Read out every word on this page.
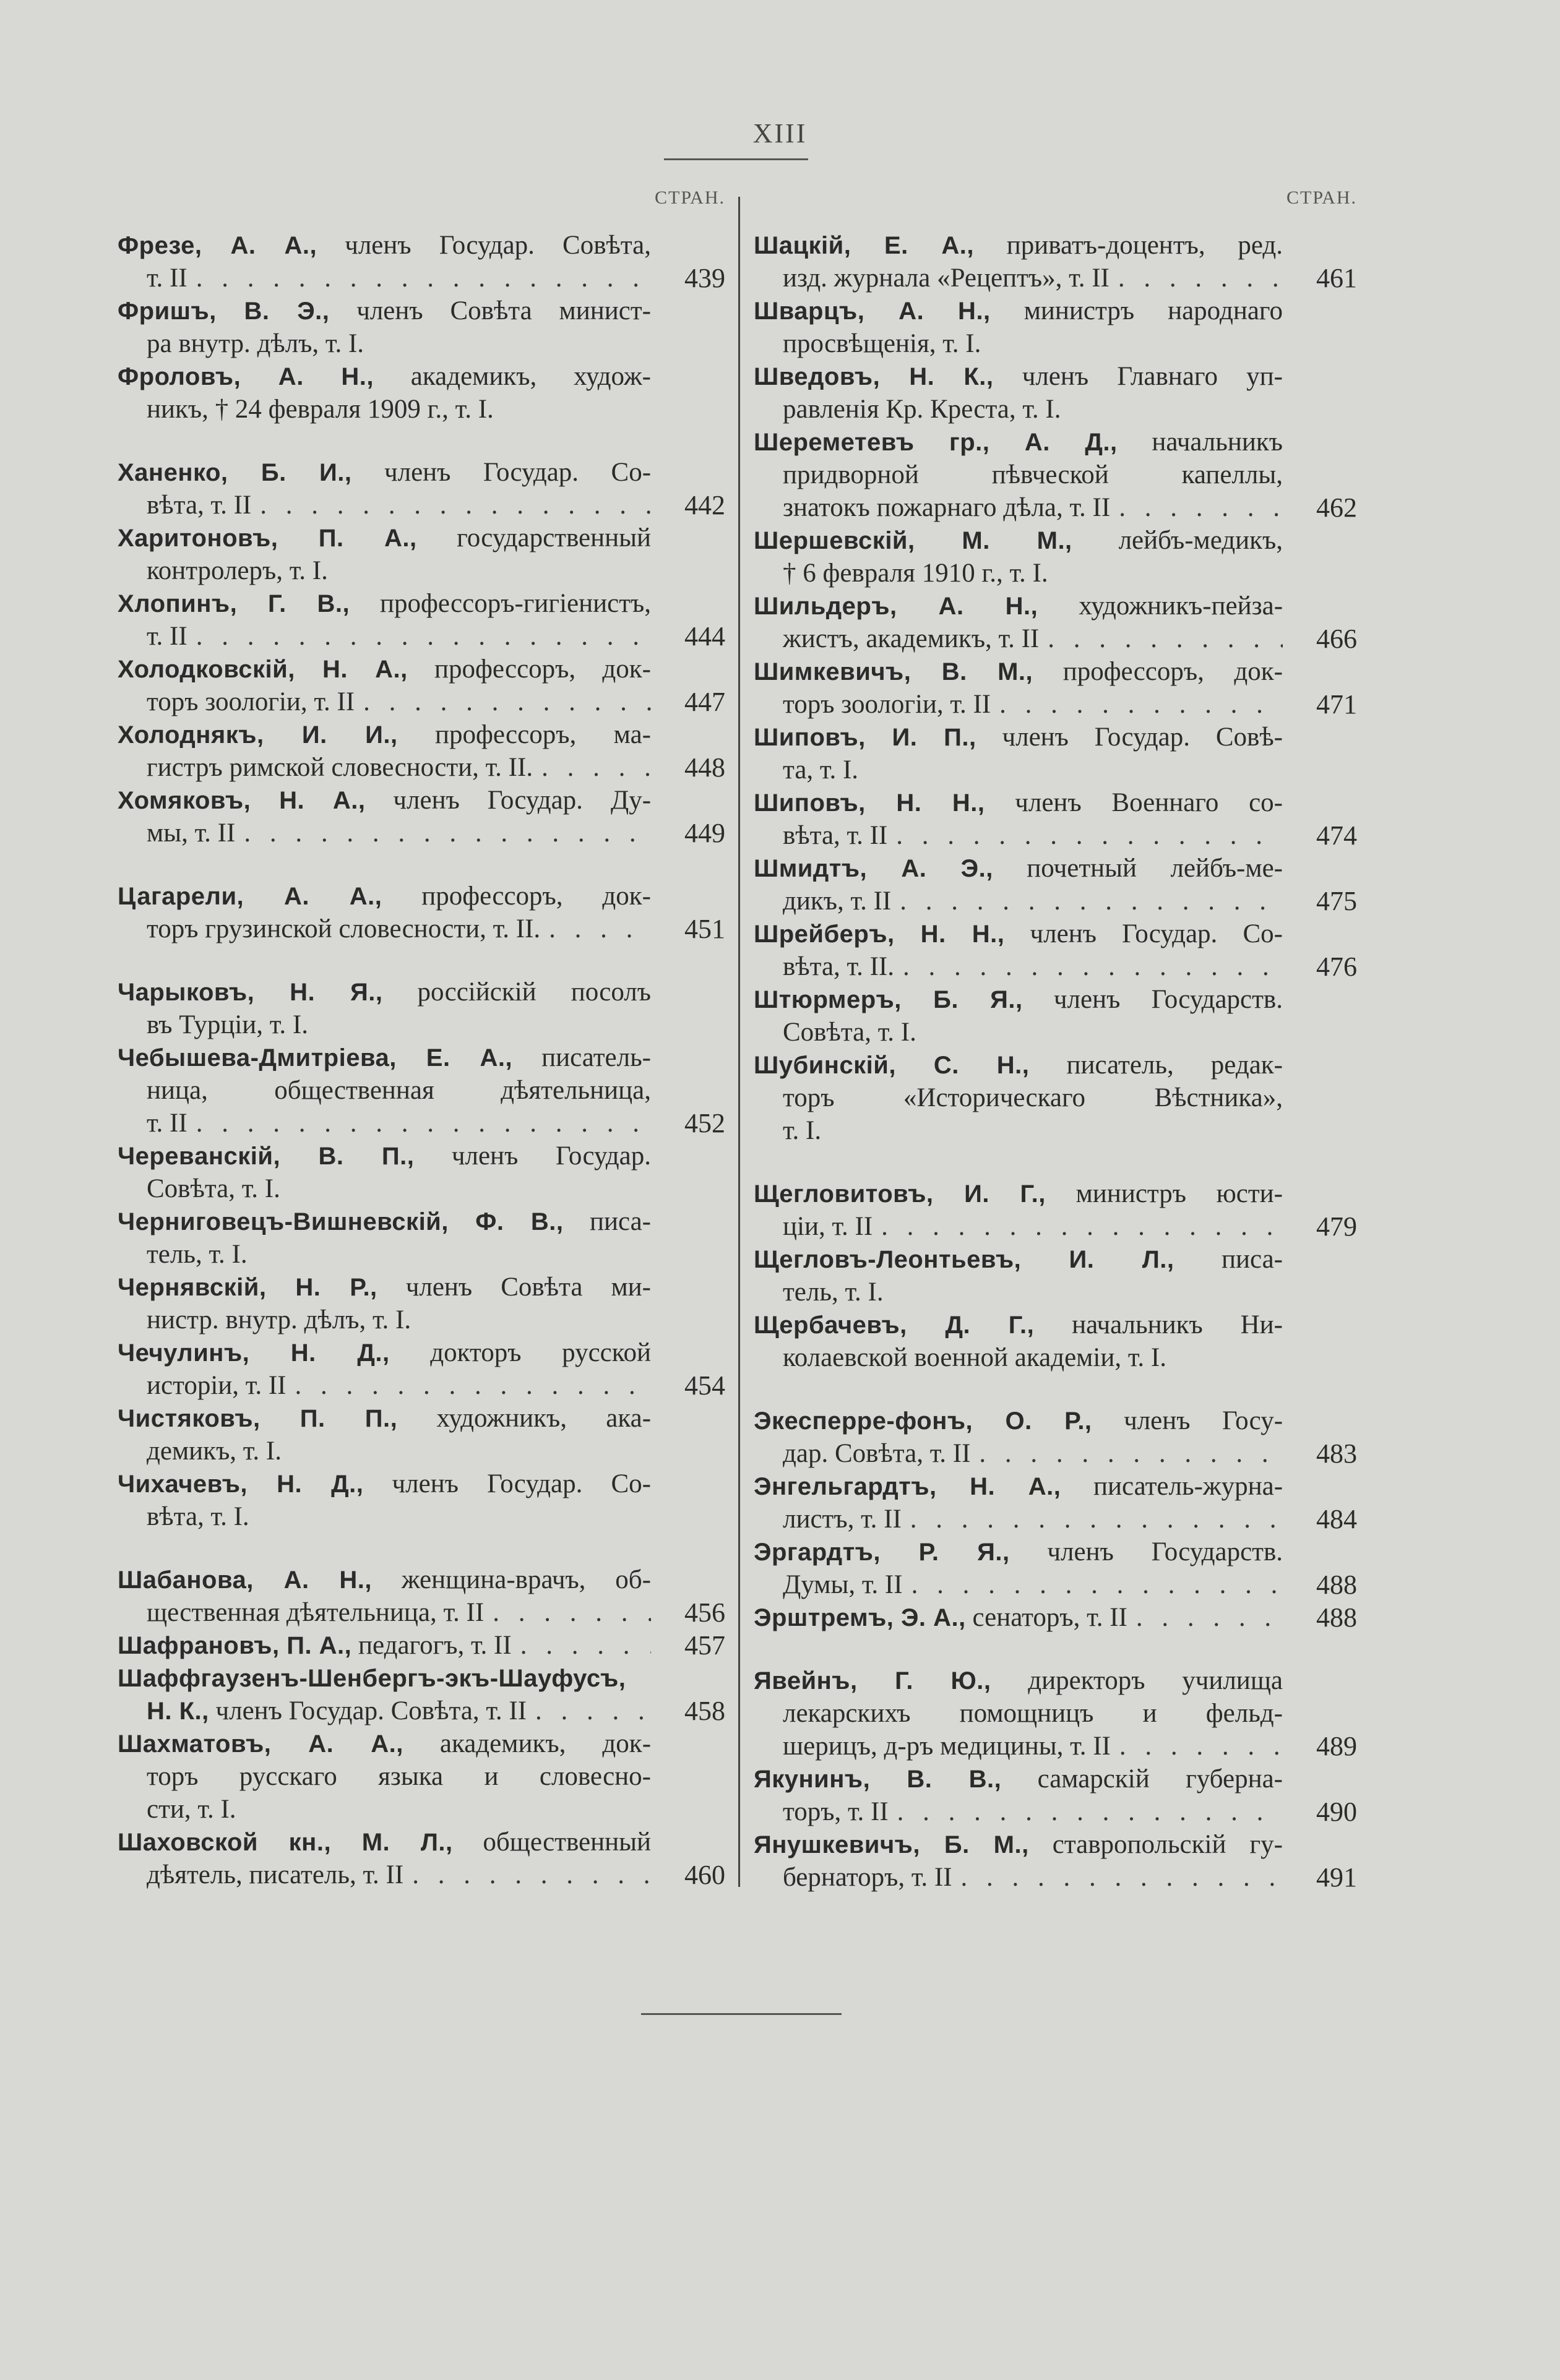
XIII
СТРАН.
Фрезе, А. А., членъ Государ. Совѣта,
т. II . . .	439
Фришъ, В. Э., членъ Совѣта минист-
ра внутр. дѣлъ, т. I.
Фроловъ, А. Н., академикъ, худож-
никъ, † 24 февраля 1909 г., т. I.
Ханенко, Б. И., членъ Государ. Со-
вѣта, т. II . . .	442
Харитоновъ, П. А., государственный
контролеръ, т. I.
Хлопинъ, Г. В., профессоръ-гигіенистъ,
т. II . . .	444
Холодковскій, Н. А., профессоръ, док-
торъ зоологіи, т. II . . .	447
Холоднякъ, И. И., профессоръ, ма-
гистръ римской словесности, т. II. . . .	448
Хомяковъ, Н. А., членъ Государ. Ду-
мы, т. II . . .	449
Цагарели, А. А., профессоръ, док-
торъ грузинской словесности, т. II. . . .	451
Чарыковъ, Н. Я., россійскій посолъ
въ Турціи, т. I.
Чебышева-Дмитріева, Е. А., писатель-
ница, общественная дѣятельница,
т. II . . .	452
Черевaнскій, В. П., членъ Государ.
Совѣта, т. I.
Черниговецъ-Вишневскій, Ф. В., писа-
тель, т. I.
Чернявскій, Н. Р., членъ Совѣта ми-
нистр. внутр. дѣлъ, т. I.
Чечулинъ, Н. Д., докторъ русской
исторіи, т. II . . .	454
Чистяковъ, П. П., художникъ, ака-
демикъ, т. I.
Чихачевъ, Н. Д., членъ Государ. Со-
вѣта, т. I.
Шабанова, А. Н., женщина-врачъ, об-
щественная дѣятельница, т. II . . .	456
Шафрановъ, П. А., педагогъ, т. II . . .	457
Шаффгаузенъ-Шенбергъ-экъ-Шауфусъ,
Н. К., членъ Государ. Совѣта, т. II . . .	458
Шахматовъ, А. А., академикъ, док-
торъ русскаго языка и словесно-
сти, т. I.
Шаховской кн., М. Л., общественный
дѣятель, писатель, т. II . . .	460
СТРАН.
Шацкій, Е. А., приватъ-доцентъ, ред.
изд. журнала «Рецептъ», т. II . . .	461
Шварцъ, А. Н., министръ народнаго
просвѣщенія, т. I.
Шведовъ, Н. К., членъ Главнаго уп-
равленія Кр. Креста, т. I.
Шереметевъ гр., А. Д., начальникъ
придворной пѣвческой капеллы,
знатокъ пожарнаго дѣла, т. II . . .	462
Шершевскій, М. М., лейбъ-медикъ,
† 6 февраля 1910 г., т. I.
Шильдеръ, А. Н., художникъ-пейза-
жистъ, академикъ, т. II . . .	466
Шимкевичъ, В. М., профессоръ, док-
торъ зоологіи, т. II . . .	471
Шиповъ, И. П., членъ Государ. Совѣ-
та, т. I.
Шиповъ, Н. Н., членъ Военнаго со-
вѣта, т. II . . .	474
Шмидтъ, А. Э., почетный лейбъ-ме-
дикъ, т. II . . .	475
Шрейберъ, Н. Н., членъ Государ. Со-
вѣта, т. II. . . .	476
Штюрмеръ, Б. Я., членъ Государств.
Совѣта, т. I.
Шубинскій, С. Н., писатель, редак-
торъ «Историческаго Вѣстника»,
т. I.
Щегловитовъ, И. Г., министръ юсти-
ціи, т. II . . .	479
Щегловъ-Леонтьевъ, И. Л., писа-
тель, т. I.
Щербачевъ, Д. Г., начальникъ Ни-
колаевской военной академіи, т. I.
Экесперре-фонъ, О. Р., членъ Госу-
дар. Совѣта, т. II . . .	483
Энгельгардтъ, Н. А., писатель-журна-
листъ, т. II . . .	484
Эргардтъ, Р. Я., членъ Государств.
Думы, т. II . . .	488
Эрштремъ, Э. А., сенаторъ, т. II . . .	488
Явейнъ, Г. Ю., директоръ училища
лекарскихъ помощницъ и фельд-
шерицъ, д-ръ медицины, т. II . . .	489
Якунинъ, В. В., самарскій губерна-
торъ, т. II . . .	490
Янушкевичъ, Б. М., ставропольскій гу-
бернаторъ, т. II . . .	491
